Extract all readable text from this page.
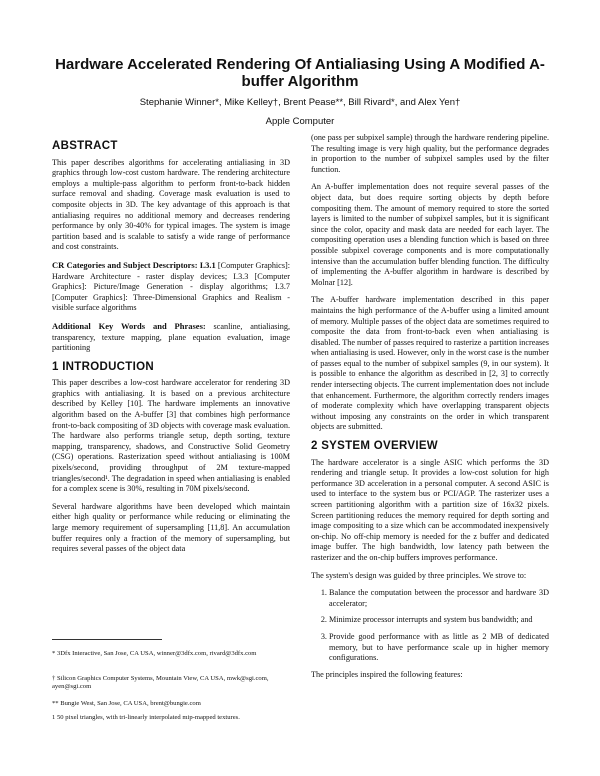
Hardware Accelerated Rendering Of Antialiasing Using A Modified A-buffer Algorithm
Stephanie Winner*, Mike Kelley†, Brent Pease**, Bill Rivard*, and Alex Yen†
Apple Computer
ABSTRACT

This paper describes algorithms for accelerating antialiasing in 3D graphics through low-cost custom hardware. The rendering architecture employs a multiple-pass algorithm to perform front-to-back hidden surface removal and shading. Coverage mask evaluation is used to composite objects in 3D. The key advantage of this approach is that antialiasing requires no additional memory and decreases rendering performance by only 30-40% for typical images. The system is image partition based and is scalable to satisfy a wide range of performance and cost constraints.

CR Categories and Subject Descriptors: I.3.1 [Computer Graphics]: Hardware Architecture - raster display devices; I.3.3 [Computer Graphics]: Picture/Image Generation - display algorithms; I.3.7 [Computer Graphics]: Three-Dimensional Graphics and Realism - visible surface algorithms

Additional Key Words and Phrases: scanline, antialiasing, transparency, texture mapping, plane equation evaluation, image partitioning

1 INTRODUCTION

This paper describes a low-cost hardware accelerator for rendering 3D graphics with antialiasing. It is based on a previous architecture described by Kelley [10]. The hardware implements an innovative algorithm based on the A-buffer [3] that combines high performance front-to-back compositing of 3D objects with coverage mask evaluation. The hardware also performs triangle setup, depth sorting, texture mapping, transparency, shadows, and Constructive Solid Geometry (CSG) operations. Rasterization speed without antialiasing is 100M pixels/second, providing throughput of 2M texture-mapped triangles/second¹. The degradation in speed when antialiasing is enabled for a complex scene is 30%, resulting in 70M pixels/second.

Several hardware algorithms have been developed which maintain either high quality or performance while reducing or eliminating the large memory requirement of supersampling [11,8]. An accumulation buffer requires only a fraction of the memory of supersampling, but requires several passes of the object data

* 3Dfx Interactive, San Jose, CA USA, winner@3dfx.com, rivard@3dfx.com
† Silicon Graphics Computer Systems, Mountain View, CA USA, mwk@sgi.com, ayen@sgi.com
** Bungie West, San Jose, CA USA, brent@bungie.com
1 50 pixel triangles, with tri-linearly interpolated mip-mapped textures.

(one pass per subpixel sample) through the hardware rendering pipeline. The resulting image is very high quality, but the performance degrades in proportion to the number of subpixel samples used by the filter function.

An A-buffer implementation does not require several passes of the object data, but does require sorting objects by depth before compositing them. The amount of memory required to store the sorted layers is limited to the number of subpixel samples, but it is significant since the color, opacity and mask data are needed for each layer. The compositing operation uses a blending function which is based on three possible subpixel coverage components and is more computationally intensive than the accumulation buffer blending function. The difficulty of implementing the A-buffer algorithm in hardware is described by Molnar [12].

The A-buffer hardware implementation described in this paper maintains the high performance of the A-buffer using a limited amount of memory. Multiple passes of the object data are sometimes required to composite the data from front-to-back even when antialiasing is disabled. The number of passes required to rasterize a partition increases when antialiasing is used. However, only in the worst case is the number of passes equal to the number of subpixel samples (9, in our system). It is possible to enhance the algorithm as described in [2, 3] to correctly render intersecting objects. The current implementation does not include that enhancement. Furthermore, the algorithm correctly renders images of moderate complexity which have overlapping transparent objects without imposing any constraints on the order in which transparent objects are submitted.

2 SYSTEM OVERVIEW

The hardware accelerator is a single ASIC which performs the 3D rendering and triangle setup. It provides a low-cost solution for high performance 3D acceleration in a personal computer. A second ASIC is used to interface to the system bus or PCI/AGP. The rasterizer uses a screen partitioning algorithm with a partition size of 16x32 pixels. Screen partitioning reduces the memory required for depth sorting and image compositing to a size which can be accommodated inexpensively on-chip. No off-chip memory is needed for the z buffer and dedicated image buffer. The high bandwidth, low latency path between the rasterizer and the on-chip buffers improves performance.

The system's design was guided by three principles. We strove to:

1. Balance the computation between the processor and hardware 3D accelerator;
2. Minimize processor interrupts and system bus bandwidth; and
3. Provide good performance with as little as 2 MB of dedicated memory, but to have performance scale up in higher memory configurations.

The principles inspired the following features:
